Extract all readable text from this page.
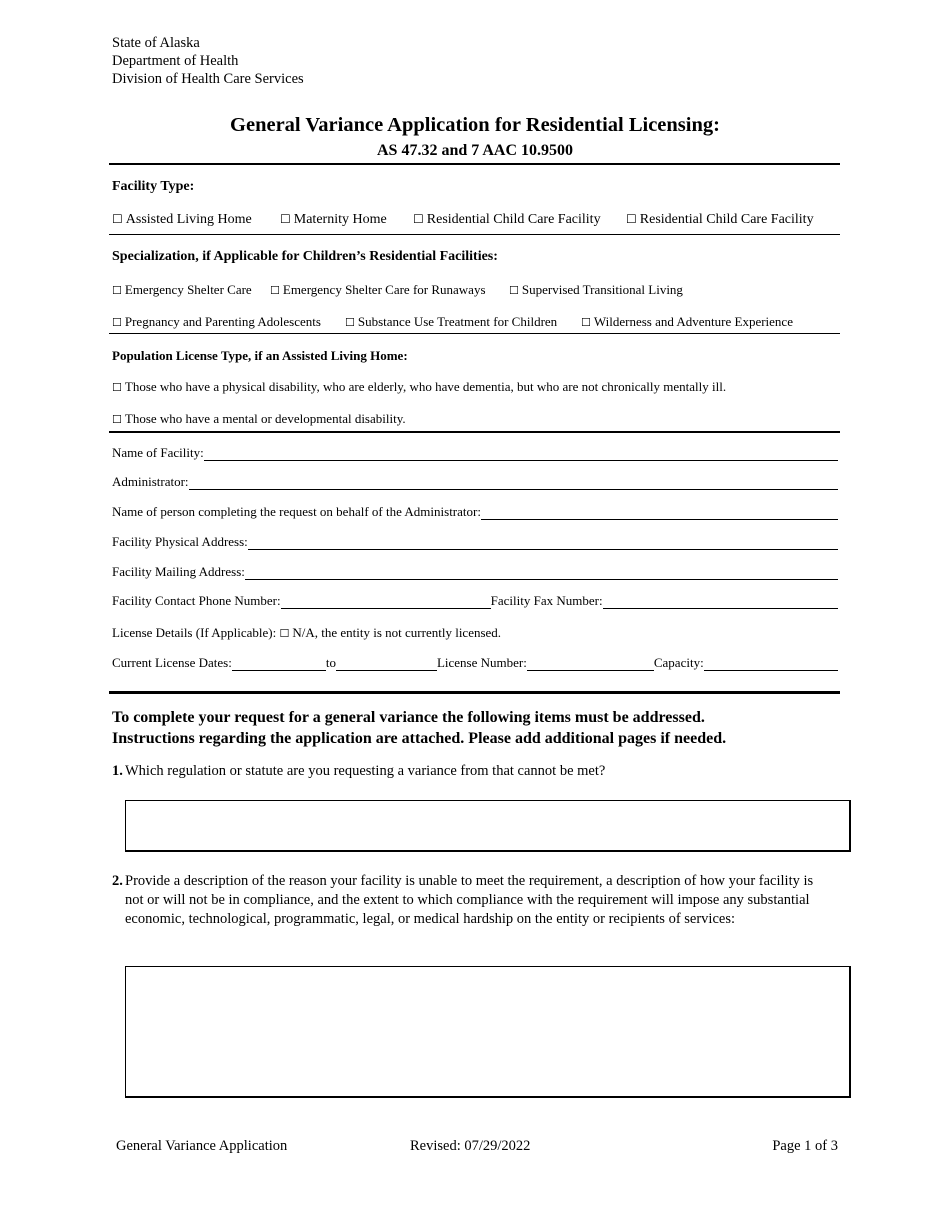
State of Alaska
Department of Health
Division of Health Care Services
General Variance Application for Residential Licensing:
AS 47.32 and 7 AAC 10.9500
Facility Type:
☐ Assisted Living Home ☐ Maternity Home ☐ Residential Child Care Facility ☐ Residential Child Care Facility
Specialization, if Applicable for Children’s Residential Facilities:
☐ Emergency Shelter Care ☐ Emergency Shelter Care for Runaways ☐ Supervised Transitional Living
☐ Pregnancy and Parenting Adolescents ☐ Substance Use Treatment for Children ☐ Wilderness and Adventure Experience
Population License Type, if an Assisted Living Home:
☐ Those who have a physical disability, who are elderly, who have dementia, but who are not chronically mentally ill.
☐ Those who have a mental or developmental disability.
Name of Facility:
Administrator:
Name of person completing the request on behalf of the Administrator:
Facility Physical Address:
Facility Mailing Address:
Facility Contact Phone Number:	Facility Fax Number:
License Details (If Applicable): ☐ N/A, the entity is not currently licensed.
Current License Dates:	to	License Number:	Capacity:
To complete your request for a general variance the following items must be addressed.
Instructions regarding the application are attached. Please add additional pages if needed.
1. Which regulation or statute are you requesting a variance from that cannot be met?
2. Provide a description of the reason your facility is unable to meet the requirement, a description of how your facility is not or will not be in compliance, and the extent to which compliance with the requirement will impose any substantial economic, technological, programmatic, legal, or medical hardship on the entity or recipients of services:
General Variance Application	Revised: 07/29/2022	Page 1 of 3
